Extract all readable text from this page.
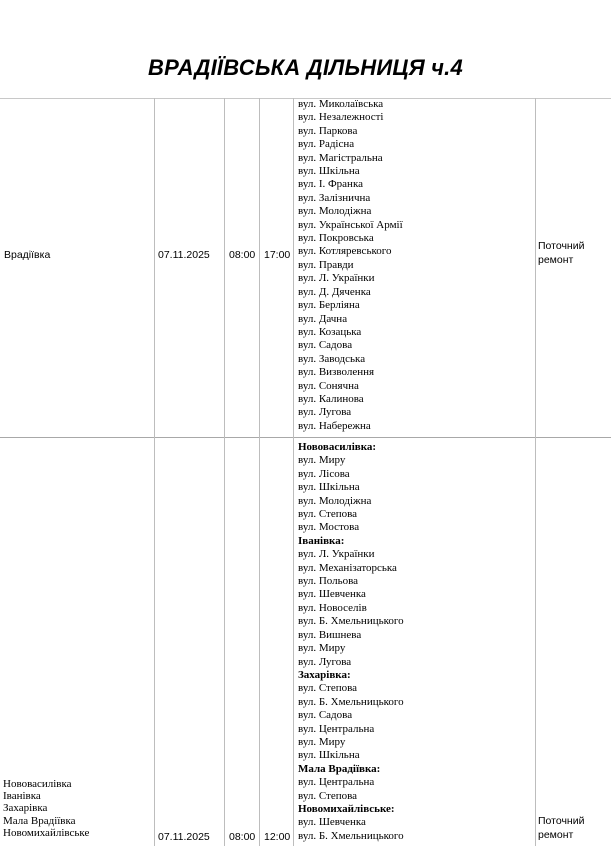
ВРАДІЇВСЬКА ДІЛЬНИЦЯ ч.4
Врадіївка	07.11.2025 08:00 17:00
Поточний
ремонт
вул. Миколаївська
вул. Незалежності
вул. Паркова
вул. Радісна
вул. Магістральна
вул. Шкільна
вул. І. Франка
вул. Залізнична
вул. Молодіжна
вул. Української Армії
вул. Покровська
вул. Котляревського
вул. Правди
вул. Л. Українки
вул. Д. Дяченка
вул. Берліяна
вул. Дачна
вул. Козацька
вул. Садова
вул. Заводська
вул. Визволення
вул. Сонячна
вул. Калинова
вул. Лугова
вул. Набережна
Нововасилівка
Іванівка
Захарівка
Мала Врадіївка
Новомихайлівське	07.11.2025 08:00 12:00
Поточний
ремонт
Нововасилівка:
вул. Миру
вул. Лісова
вул. Шкільна
вул. Молодіжна
вул. Степова
вул. Мостова
Іванівка:
вул. Л. Українки
вул. Механізаторська
вул. Польова
вул. Шевченка
вул. Новоселів
вул. Б. Хмельницького
вул. Вишнева
вул. Миру
вул. Лугова
Захарівка:
вул. Степова
вул. Б. Хмельницького
вул. Садова
вул. Центральна
вул. Миру
вул. Шкільна
Мала Врадіївка:
вул. Центральна
вул. Степова
Новомихайлівське:
вул. Шевченка
вул. Б. Хмельницького
